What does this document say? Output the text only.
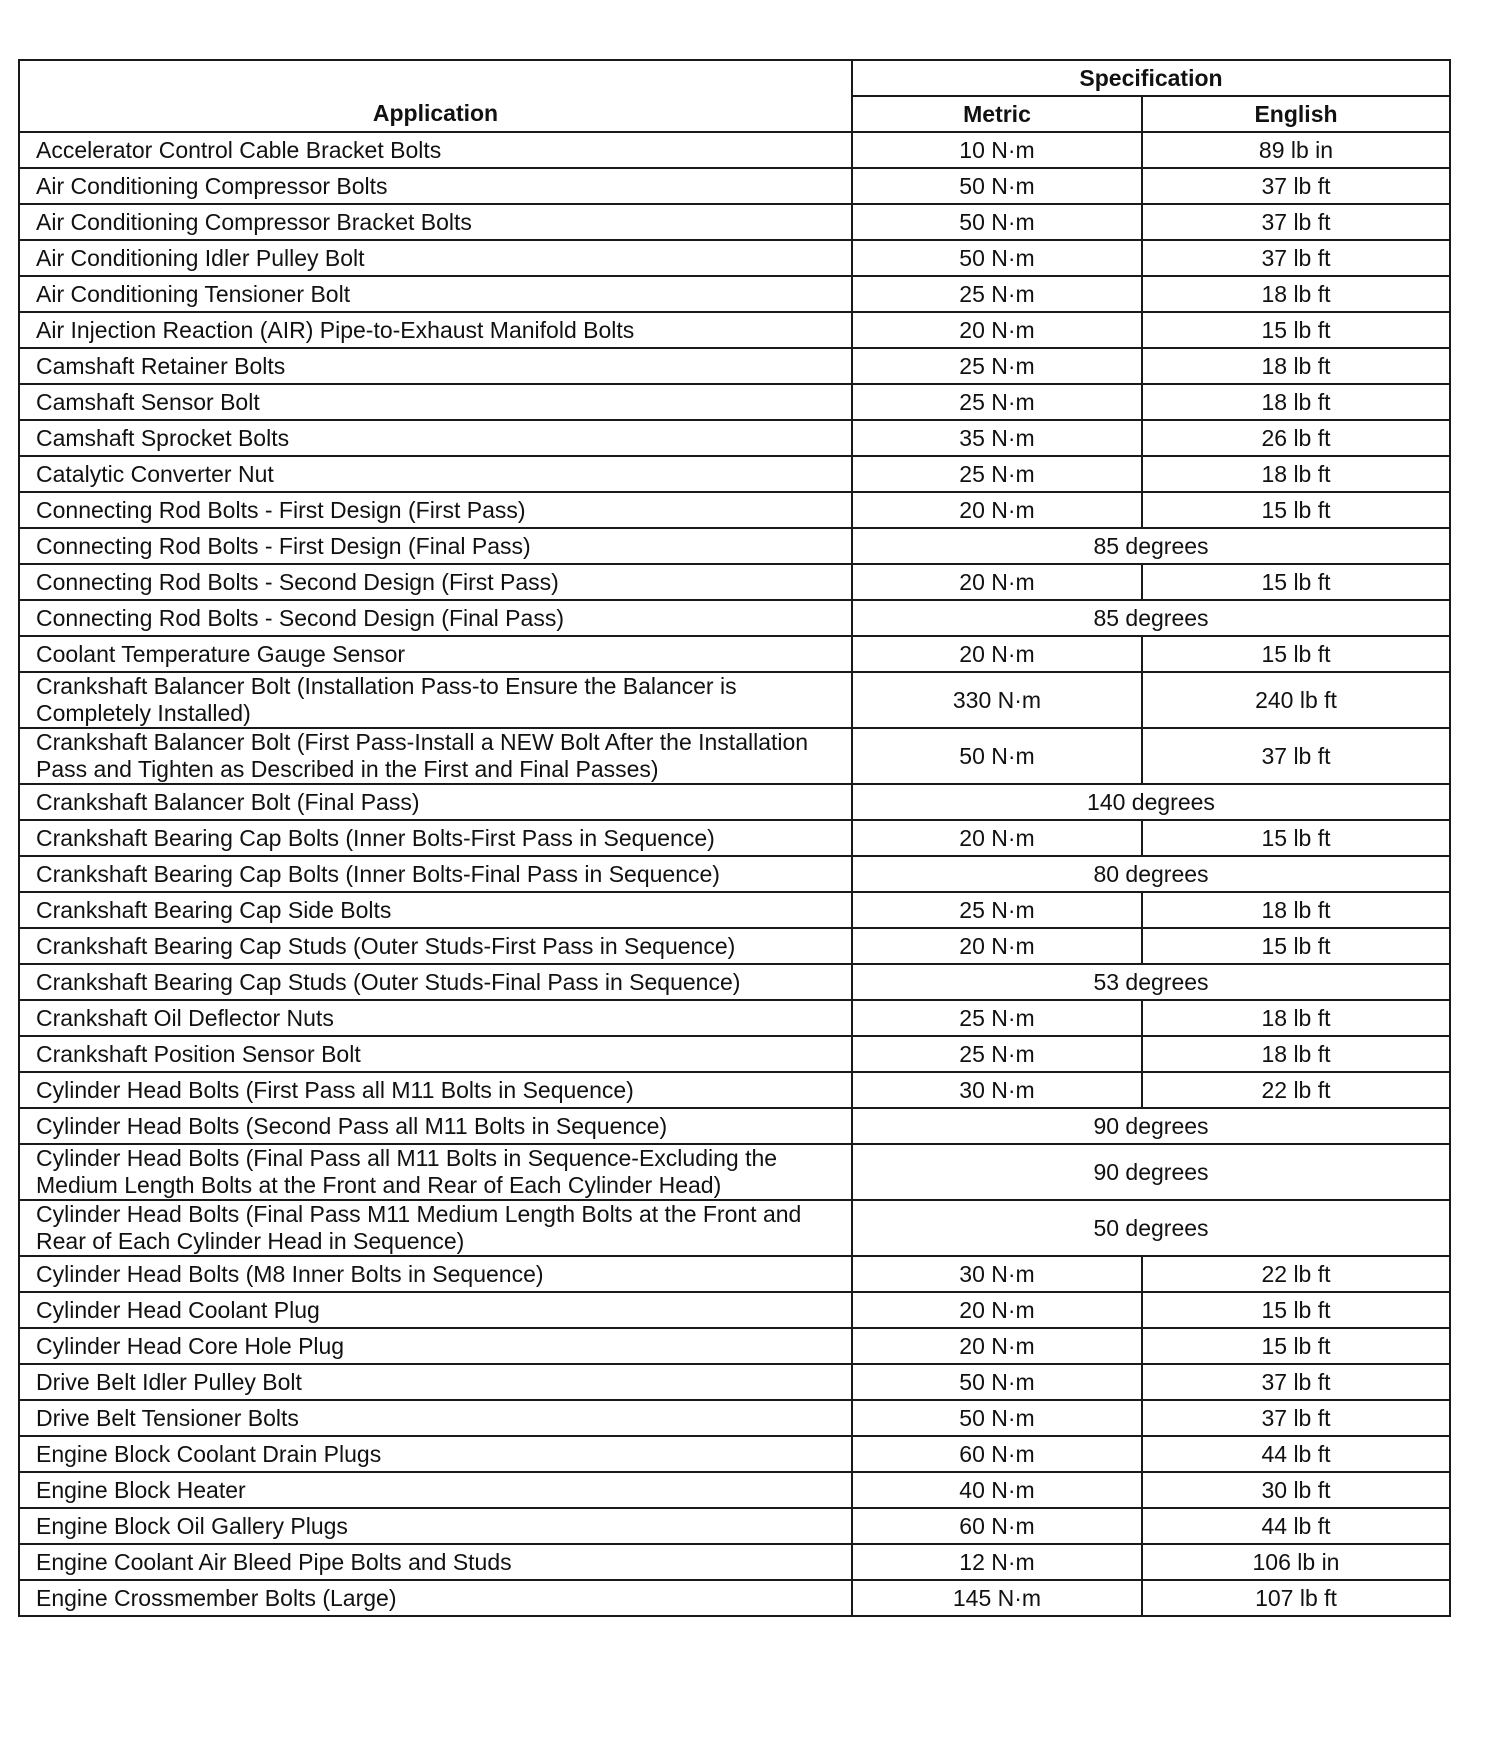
Application	Specification	
	Metric	English
Accelerator Control Cable Bracket Bolts	10 N·m	89 lb in
Air Conditioning Compressor Bolts	50 N·m	37 lb ft
Air Conditioning Compressor Bracket Bolts	50 N·m	37 lb ft
Air Conditioning Idler Pulley Bolt	50 N·m	37 lb ft
Air Conditioning Tensioner Bolt	25 N·m	18 lb ft
Air Injection Reaction (AIR) Pipe-to-Exhaust Manifold Bolts	20 N·m	15 lb ft
Camshaft Retainer Bolts	25 N·m	18 lb ft
Camshaft Sensor Bolt	25 N·m	18 lb ft
Camshaft Sprocket Bolts	35 N·m	26 lb ft
Catalytic Converter Nut	25 N·m	18 lb ft
Connecting Rod Bolts - First Design (First Pass)	20 N·m	15 lb ft
Connecting Rod Bolts - First Design (Final Pass)	85 degrees	
Connecting Rod Bolts - Second Design (First Pass)	20 N·m	15 lb ft
Connecting Rod Bolts - Second Design (Final Pass)	85 degrees	
Coolant Temperature Gauge Sensor	20 N·m	15 lb ft
Crankshaft Balancer Bolt (Installation Pass-to Ensure the Balancer is Completely Installed)	330 N·m	240 lb ft
Crankshaft Balancer Bolt (First Pass-Install a NEW Bolt After the Installation Pass and Tighten as Described in the First and Final Passes)	50 N·m	37 lb ft
Crankshaft Balancer Bolt (Final Pass)	140 degrees	
Crankshaft Bearing Cap Bolts (Inner Bolts-First Pass in Sequence)	20 N·m	15 lb ft
Crankshaft Bearing Cap Bolts (Inner Bolts-Final Pass in Sequence)	80 degrees	
Crankshaft Bearing Cap Side Bolts	25 N·m	18 lb ft
Crankshaft Bearing Cap Studs (Outer Studs-First Pass in Sequence)	20 N·m	15 lb ft
Crankshaft Bearing Cap Studs (Outer Studs-Final Pass in Sequence)	53 degrees	
Crankshaft Oil Deflector Nuts	25 N·m	18 lb ft
Crankshaft Position Sensor Bolt	25 N·m	18 lb ft
Cylinder Head Bolts (First Pass all M11 Bolts in Sequence)	30 N·m	22 lb ft
Cylinder Head Bolts (Second Pass all M11 Bolts in Sequence)	90 degrees	
Cylinder Head Bolts (Final Pass all M11 Bolts in Sequence-Excluding the Medium Length Bolts at the Front and Rear of Each Cylinder Head)	90 degrees	
Cylinder Head Bolts (Final Pass M11 Medium Length Bolts at the Front and Rear of Each Cylinder Head in Sequence)	50 degrees	
Cylinder Head Bolts (M8 Inner Bolts in Sequence)	30 N·m	22 lb ft
Cylinder Head Coolant Plug	20 N·m	15 lb ft
Cylinder Head Core Hole Plug	20 N·m	15 lb ft
Drive Belt Idler Pulley Bolt	50 N·m	37 lb ft
Drive Belt Tensioner Bolts	50 N·m	37 lb ft
Engine Block Coolant Drain Plugs	60 N·m	44 lb ft
Engine Block Heater	40 N·m	30 lb ft
Engine Block Oil Gallery Plugs	60 N·m	44 lb ft
Engine Coolant Air Bleed Pipe Bolts and Studs	12 N·m	106 lb in
Engine Crossmember Bolts (Large)	145 N·m	107 lb ft
